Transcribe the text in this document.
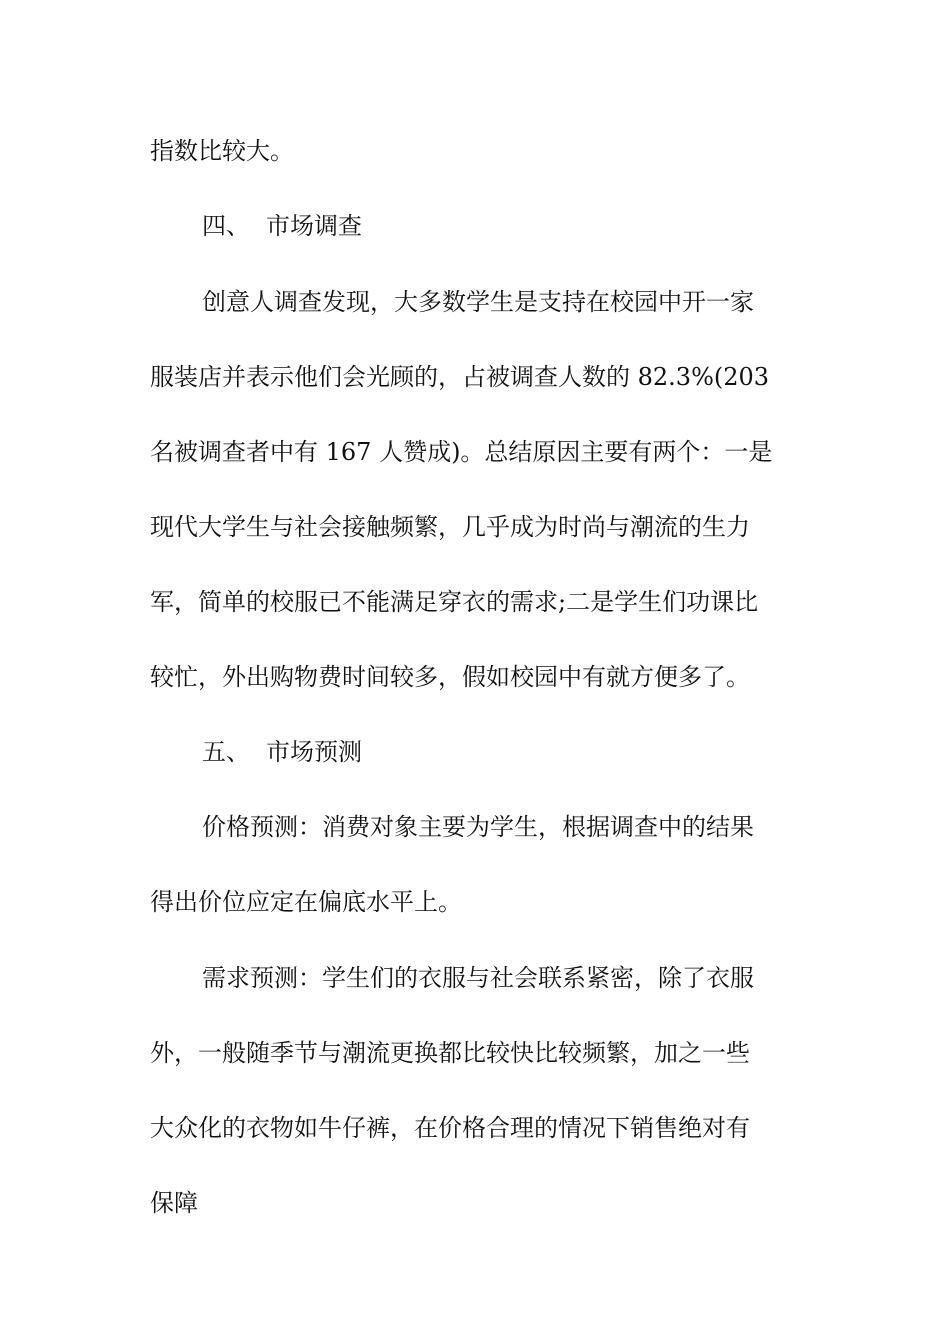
指数比较大。
四、 市场调查
创意人调查发现，大多数学生是支持在校园中开一家
服装店并表示他们会光顾的，占被调查人数的 82.3%(203
名被调查者中有 167 人赞成)。总结原因主要有两个：一是
现代大学生与社会接触频繁，几乎成为时尚与潮流的生力
军，简单的校服已不能满足穿衣的需求;二是学生们功课比
较忙，外出购物费时间较多，假如校园中有就方便多了。
五、 市场预测
价格预测：消费对象主要为学生，根据调查中的结果
得出价位应定在偏底水平上。
需求预测：学生们的衣服与社会联系紧密，除了衣服
外，一般随季节与潮流更换都比较快比较频繁，加之一些
大众化的衣物如牛仔裤，在价格合理的情况下销售绝对有
保障
